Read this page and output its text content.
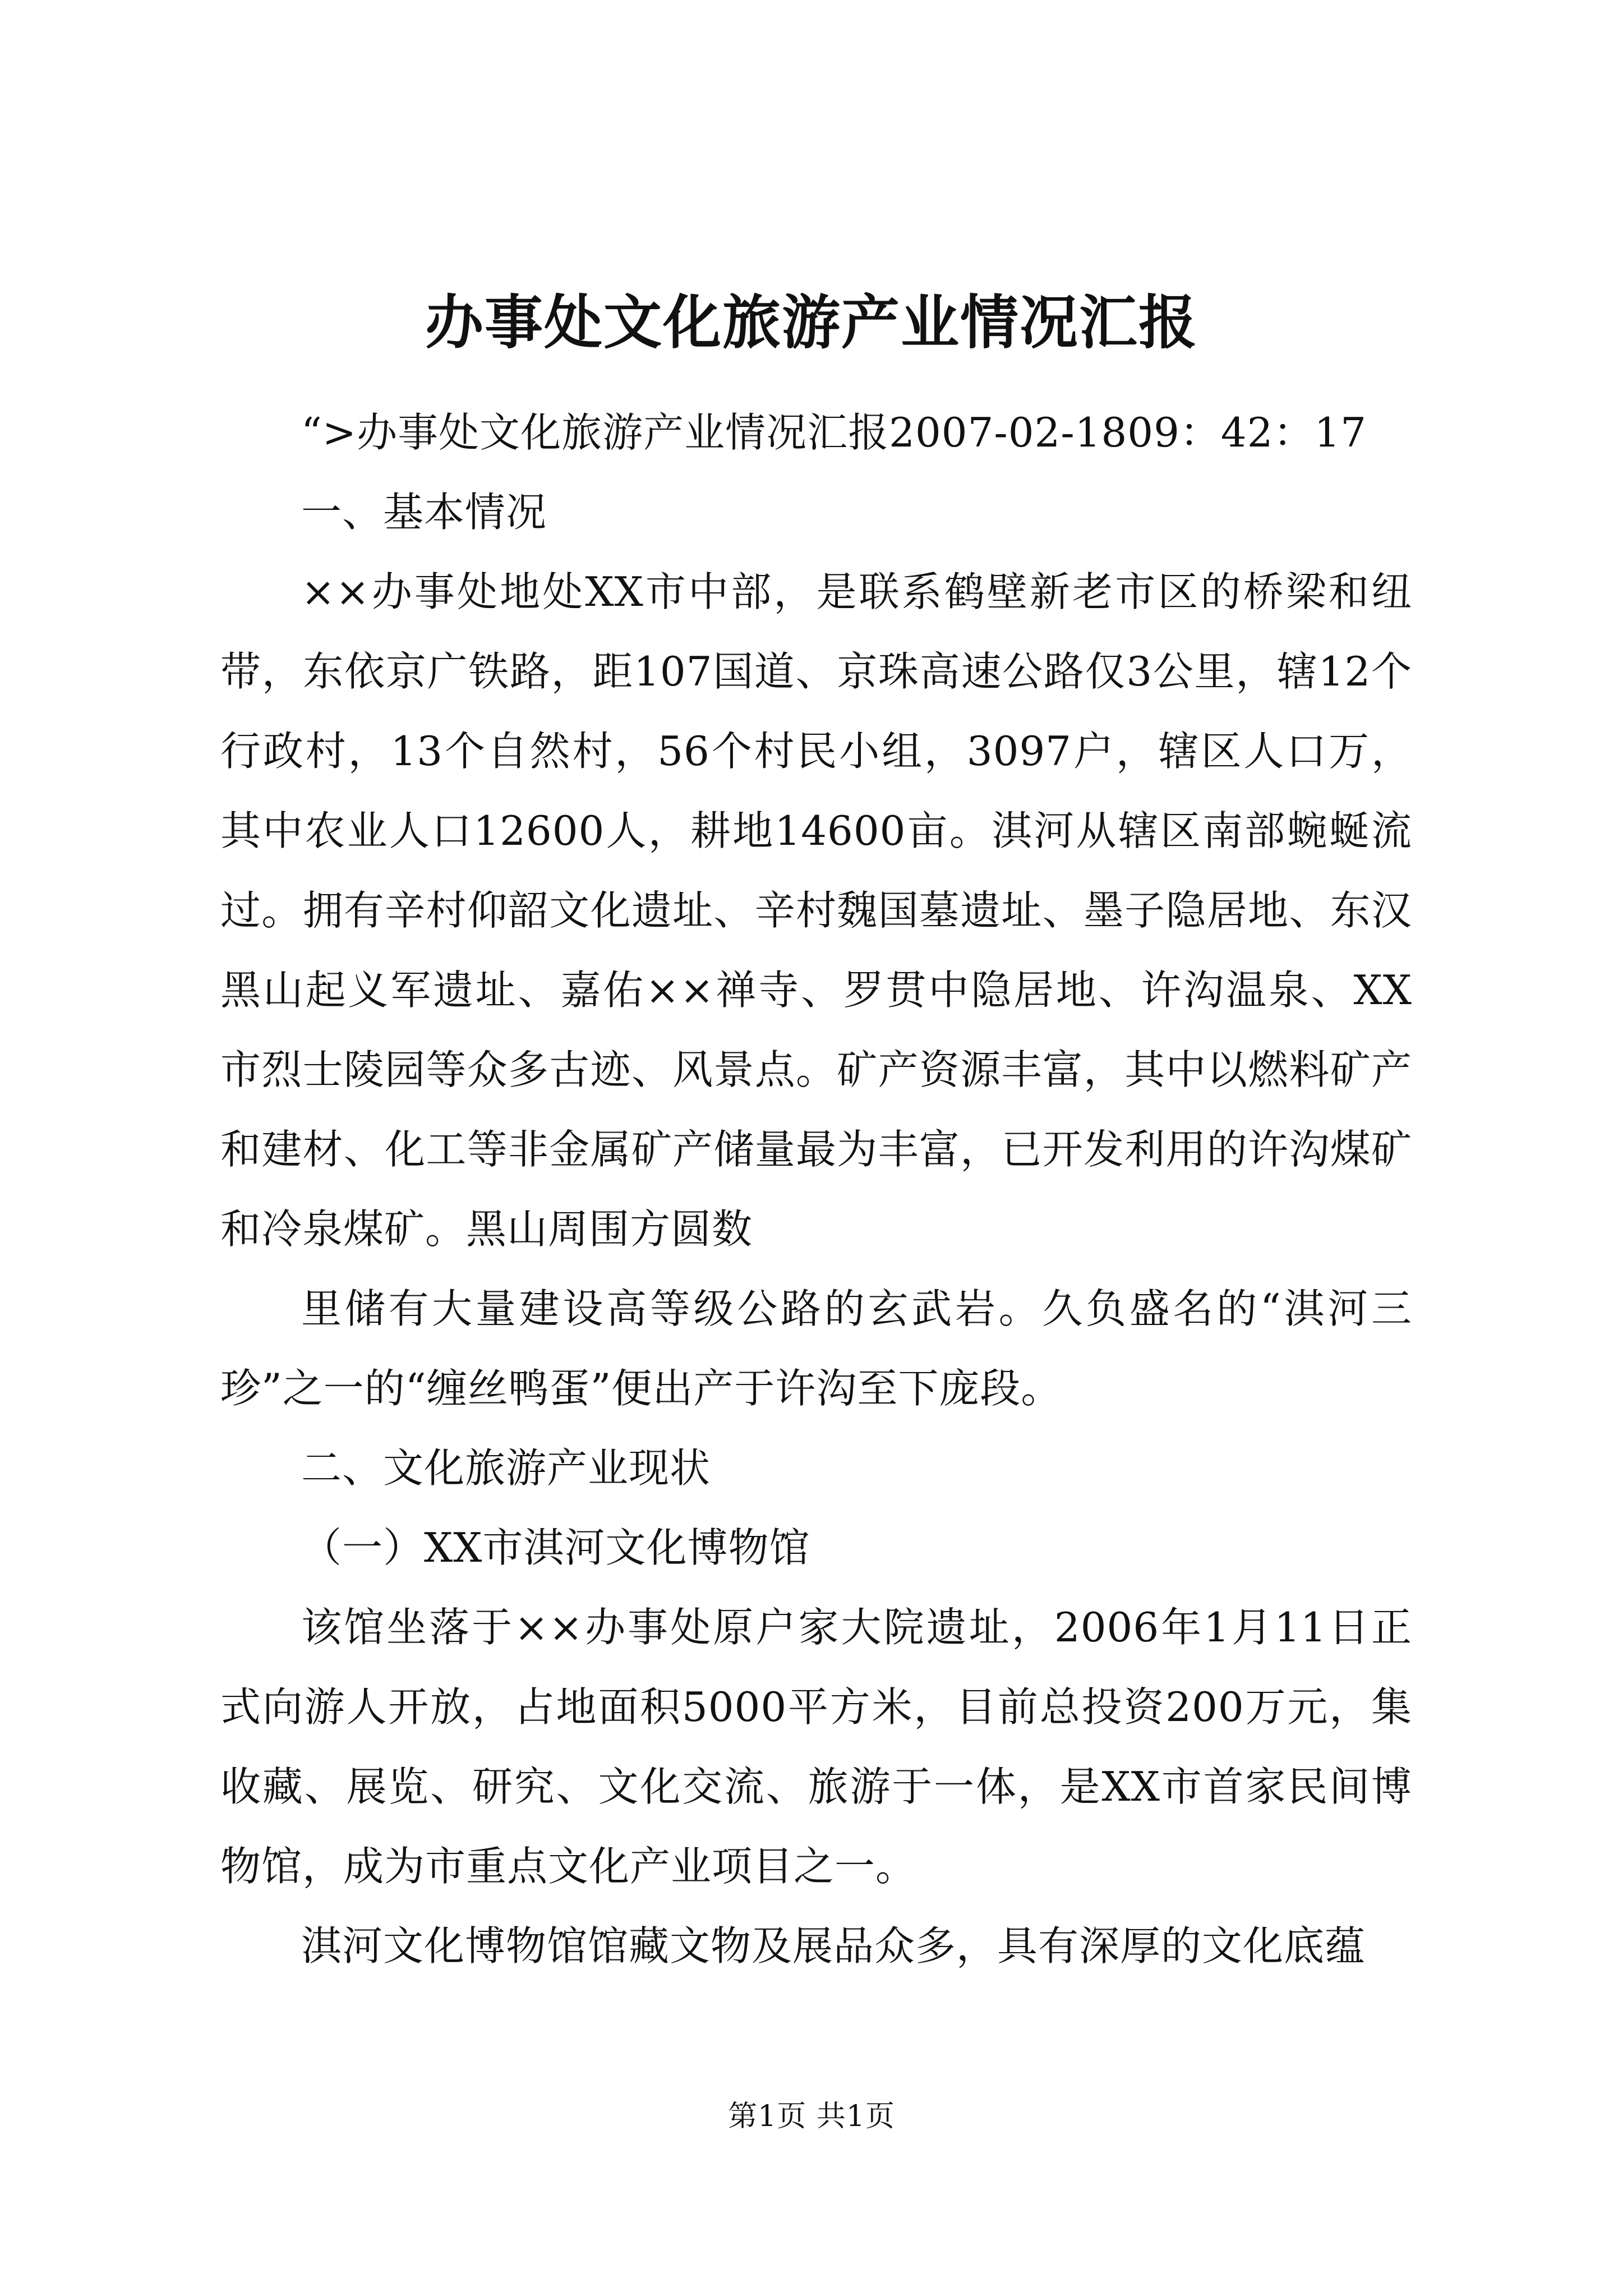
办事处文化旅游产业情况汇报

“>办事处文化旅游产业情况汇报2007-02-1809：42：17

一、基本情况

××办事处地处XX市中部，是联系鹤壁新老市区的桥梁和纽带，东依京广铁路，距107国道、京珠高速公路仅3公里，辖12个行政村，13个自然村，56个村民小组，3097户，辖区人口万，其中农业人口12600人，耕地14600亩。淇河从辖区南部蜿蜒流过。拥有辛村仰韶文化遗址、辛村魏国墓遗址、墨子隐居地、东汉黑山起义军遗址、嘉佑××禅寺、罗贯中隐居地、许沟温泉、XX市烈士陵园等众多古迹、风景点。矿产资源丰富，其中以燃料矿产和建材、化工等非金属矿产储量最为丰富，已开发利用的许沟煤矿和冷泉煤矿。黑山周围方圆数

里储有大量建设高等级公路的玄武岩。久负盛名的“淇河三珍”之一的“缠丝鸭蛋”便出产于许沟至下庞段。

二、文化旅游产业现状

（一）XX市淇河文化博物馆

该馆坐落于××办事处原户家大院遗址，2006年1月11日正式向游人开放，占地面积5000平方米，目前总投资200万元，集收藏、展览、研究、文化交流、旅游于一体，是XX市首家民间博物馆，成为市重点文化产业项目之一。

淇河文化博物馆馆藏文物及展品众多，具有深厚的文化底蕴

第1页 共1页
